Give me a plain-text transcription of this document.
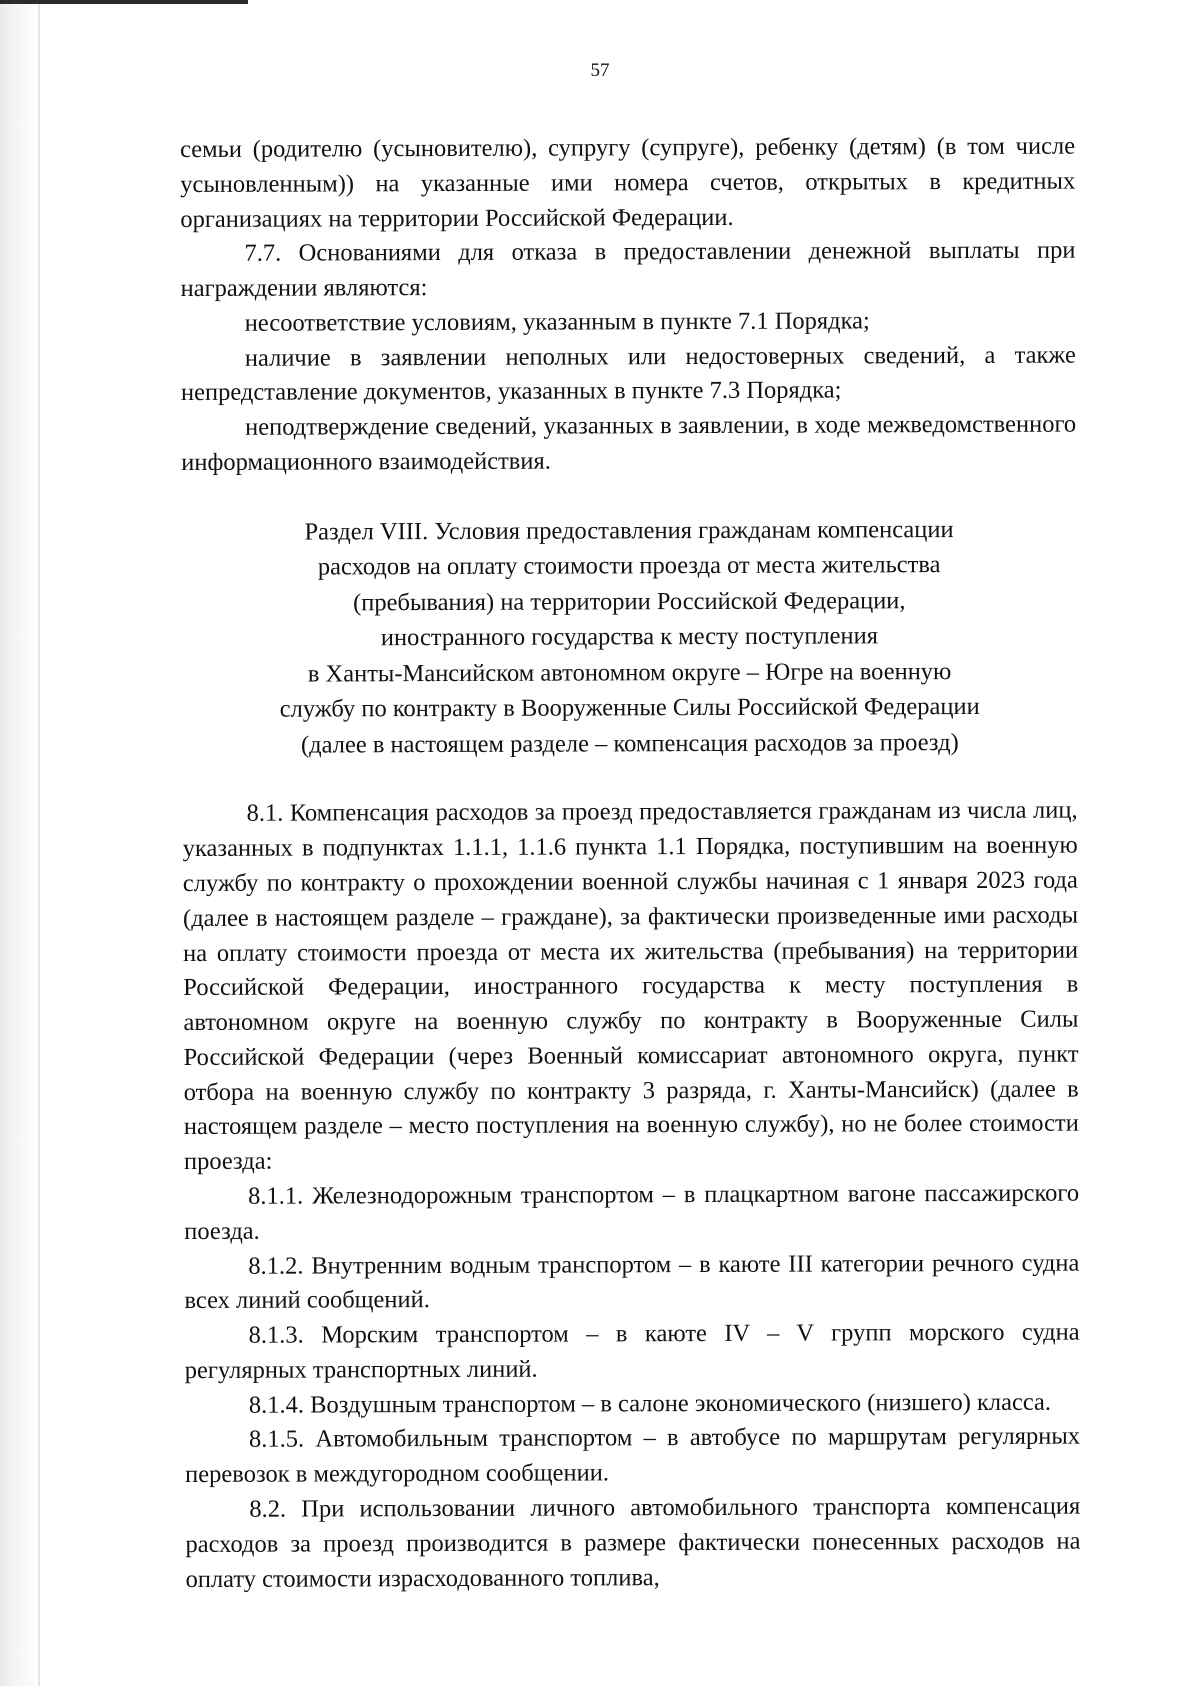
57

семьи (родителю (усыновителю), супругу (супруге), ребенку (детям) (в том числе усыновленным)) на указанные ими номера счетов, открытых в кредитных организациях на территории Российской Федерации.

7.7. Основаниями для отказа в предоставлении денежной выплаты при награждении являются:

несоответствие условиям, указанным в пункте 7.1 Порядка;

наличие в заявлении неполных или недостоверных сведений, а также непредставление документов, указанных в пункте 7.3 Порядка;

неподтверждение сведений, указанных в заявлении, в ходе межведомственного информационного взаимодействия.

Раздел VIII. Условия предоставления гражданам компенсации
расходов на оплату стоимости проезда от места жительства
(пребывания) на территории Российской Федерации,
иностранного государства к месту поступления
в Ханты-Мансийском автономном округе – Югре на военную
службу по контракту в Вооруженные Силы Российской Федерации
(далее в настоящем разделе – компенсация расходов за проезд)

8.1. Компенсация расходов за проезд предоставляется гражданам из числа лиц, указанных в подпунктах 1.1.1, 1.1.6 пункта 1.1 Порядка, поступившим на военную службу по контракту о прохождении военной службы начиная с 1 января 2023 года (далее в настоящем разделе – граждане), за фактически произведенные ими расходы на оплату стоимости проезда от места их жительства (пребывания) на территории Российской Федерации, иностранного государства к месту поступления в автономном округе на военную службу по контракту в Вооруженные Силы Российской Федерации (через Военный комиссариат автономного округа, пункт отбора на военную службу по контракту 3 разряда, г. Ханты-Мансийск) (далее в настоящем разделе – место поступления на военную службу), но не более стоимости проезда:

8.1.1. Железнодорожным транспортом – в плацкартном вагоне пассажирского поезда.

8.1.2. Внутренним водным транспортом – в каюте III категории речного судна всех линий сообщений.

8.1.3. Морским транспортом – в каюте IV – V групп морского судна регулярных транспортных линий.

8.1.4. Воздушным транспортом – в салоне экономического (низшего) класса.

8.1.5. Автомобильным транспортом – в автобусе по маршрутам регулярных перевозок в междугородном сообщении.

8.2. При использовании личного автомобильного транспорта компенсация расходов за проезд производится в размере фактически понесенных расходов на оплату стоимости израсходованного топлива,
